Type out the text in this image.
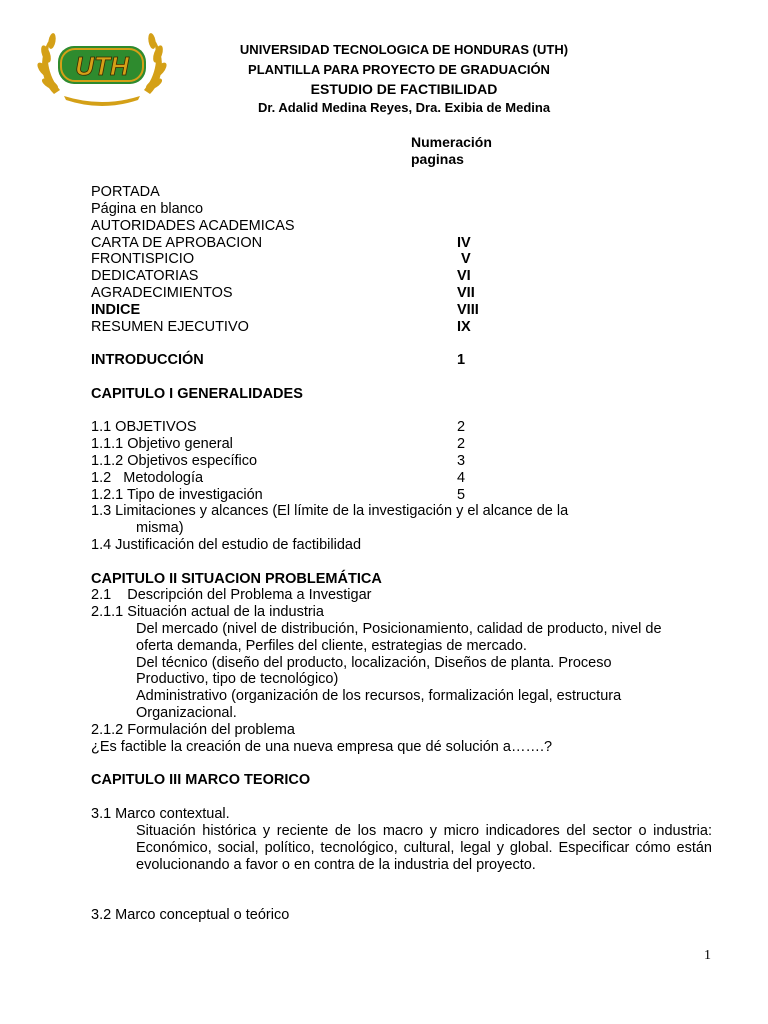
UTH
UNIVERSIDAD TECNOLOGICA DE HONDURAS (UTH)
PLANTILLA PARA PROYECTO DE GRADUACIÓN
ESTUDIO DE FACTIBILIDAD
Dr. Adalid Medina Reyes, Dra. Exibia de Medina
Numeración
paginas
PORTADA
Página en blanco
AUTORIDADES ACADEMICAS
CARTA DE APROBACION	IV
FRONTISPICIO	V
DEDICATORIAS	VI
AGRADECIMIENTOS	VII
INDICE	VIII
RESUMEN EJECUTIVO	IX
INTRODUCCIÓN	1
CAPITULO I GENERALIDADES
1.1 OBJETIVOS	2
1.1.1 Objetivo general	2
1.1.2 Objetivos específico	3
1.2   Metodología	4
1.2.1 Tipo de investigación	5
1.3 Limitaciones y alcances (El límite de la investigación y el alcance de la
misma)
1.4 Justificación del estudio de factibilidad
CAPITULO II SITUACION PROBLEMÁTICA
2.1    Descripción del Problema a Investigar
2.1.1 Situación actual de la industria
Del mercado (nivel de distribución, Posicionamiento, calidad de producto, nivel de
oferta demanda, Perfiles del cliente, estrategias de mercado.
Del técnico (diseño del producto, localización, Diseños de planta. Proceso
Productivo, tipo de tecnológico)
Administrativo (organización de los recursos, formalización legal, estructura
Organizacional.
2.1.2 Formulación del problema
¿Es factible la creación de una nueva empresa que dé solución a…….?
CAPITULO III MARCO TEORICO
3.1 Marco contextual.
Situación histórica y reciente de los macro y micro indicadores del sector o industria: Económico, social, político, tecnológico, cultural, legal y global. Especificar cómo están evolucionando a favor o en contra de la industria del proyecto.
3.2 Marco conceptual o teórico
1
